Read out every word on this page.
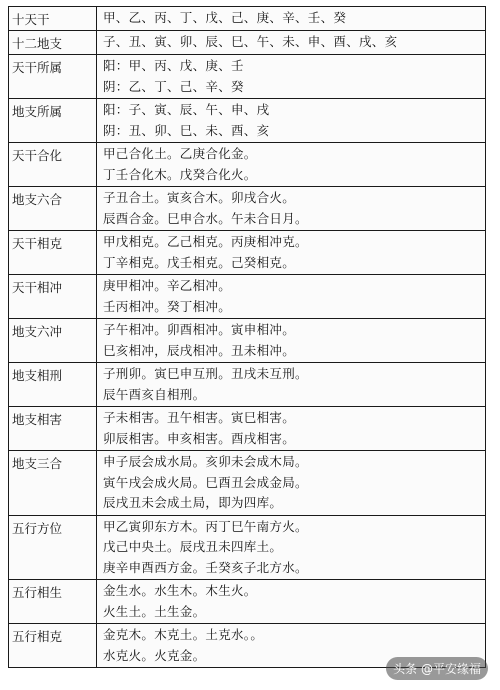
十天干	甲、乙、丙、丁、戊、己、庚、辛、壬、癸
十二地支	子、丑、寅、卯、辰、巳、午、未、申、酉、戌、亥
天干所属	阳：甲、丙、戊、庚、壬
阴：乙、丁、己、辛、癸
地支所属	阳：子、寅、辰、午、申、戌
阴：丑、卯、巳、未、酉、亥
天干合化	甲己合化土。乙庚合化金。
丁壬合化木。戊癸合化火。
地支六合	子丑合土。寅亥合木。卯戌合火。
辰酉合金。巳申合水。午未合日月。
天干相克	甲戊相克。乙己相克。丙庚相冲克。
丁辛相克。戊壬相克。己癸相克。
天干相冲	庚甲相冲。辛乙相冲。
壬丙相冲。癸丁相冲。
地支六冲	子午相冲。卯酉相冲。寅申相冲。
巳亥相冲，辰戌相冲。丑未相冲。
地支相刑	子刑卯。寅巳申互刑。丑戌未互刑。
辰午酉亥自相刑。
地支相害	子未相害。丑午相害。寅巳相害。
卯辰相害。申亥相害。酉戌相害。
地支三合	申子辰会成水局。亥卯未会成木局。
寅午戌会成火局。巳酉丑会成金局。
辰戌丑未会成土局，即为四库。
五行方位	甲乙寅卯东方木。丙丁巳午南方火。
戊己中央土。辰戌丑未四库土。
庚辛申酉西方金。壬癸亥子北方水。
五行相生	金生水。水生木。木生火。
火生土。土生金。
五行相克	金克木。木克土。土克水。。
水克火。火克金。
头条 @平安缘福
